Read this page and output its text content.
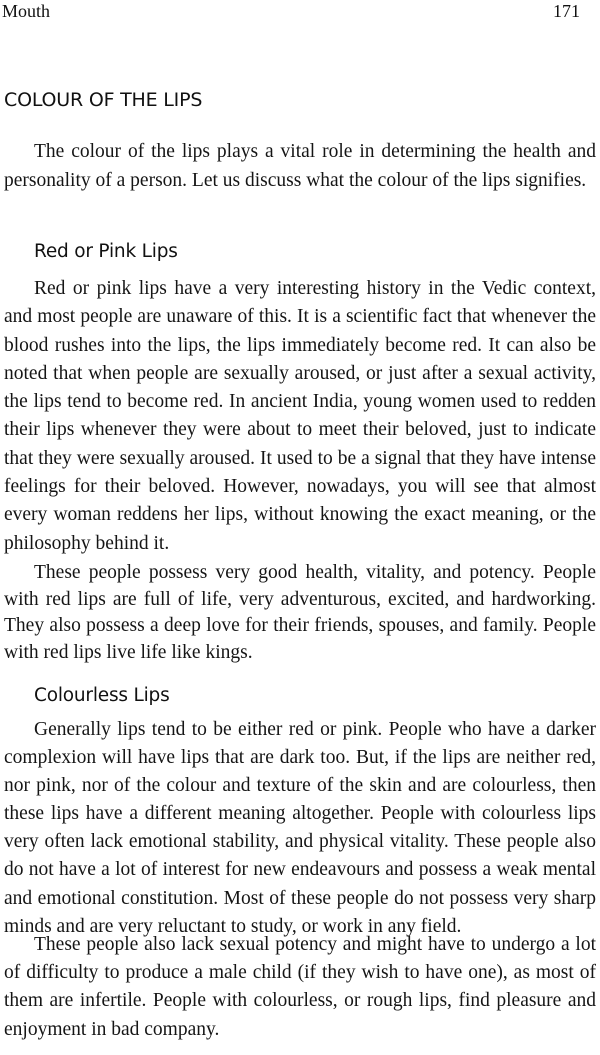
Mouth	171
COLOUR OF THE LIPS

The colour of the lips plays a vital role in determining the health and personality of a person. Let us discuss what the colour of the lips signifies.

Red or Pink Lips

Red or pink lips have a very interesting history in the Vedic context, and most people are unaware of this. It is a scientific fact that whenever the blood rushes into the lips, the lips immediately become red. It can also be noted that when people are sexually aroused, or just after a sexual activity, the lips tend to become red. In ancient India, young women used to redden their lips whenever they were about to meet their beloved, just to indicate that they were sexually aroused. It used to be a signal that they have intense feelings for their beloved. However, nowadays, you will see that almost every woman reddens her lips, without knowing the exact meaning, or the philosophy behind it.

These people possess very good health, vitality, and potency. People with red lips are full of life, very adventurous, excited, and hardworking. They also possess a deep love for their friends, spouses, and family. People with red lips live life like kings.

Colourless Lips

Generally lips tend to be either red or pink. People who have a darker complexion will have lips that are dark too. But, if the lips are neither red, nor pink, nor of the colour and texture of the skin and are colourless, then these lips have a different meaning altogether. People with colourless lips very often lack emotional stability, and physical vitality. These people also do not have a lot of interest for new endeavours and possess a weak mental and emotional constitution. Most of these people do not possess very sharp minds and are very reluctant to study, or work in any field.

These people also lack sexual potency and might have to undergo a lot of difficulty to produce a male child (if they wish to have one), as most of them are infertile. People with colourless, or rough lips, find pleasure and enjoyment in bad company.
